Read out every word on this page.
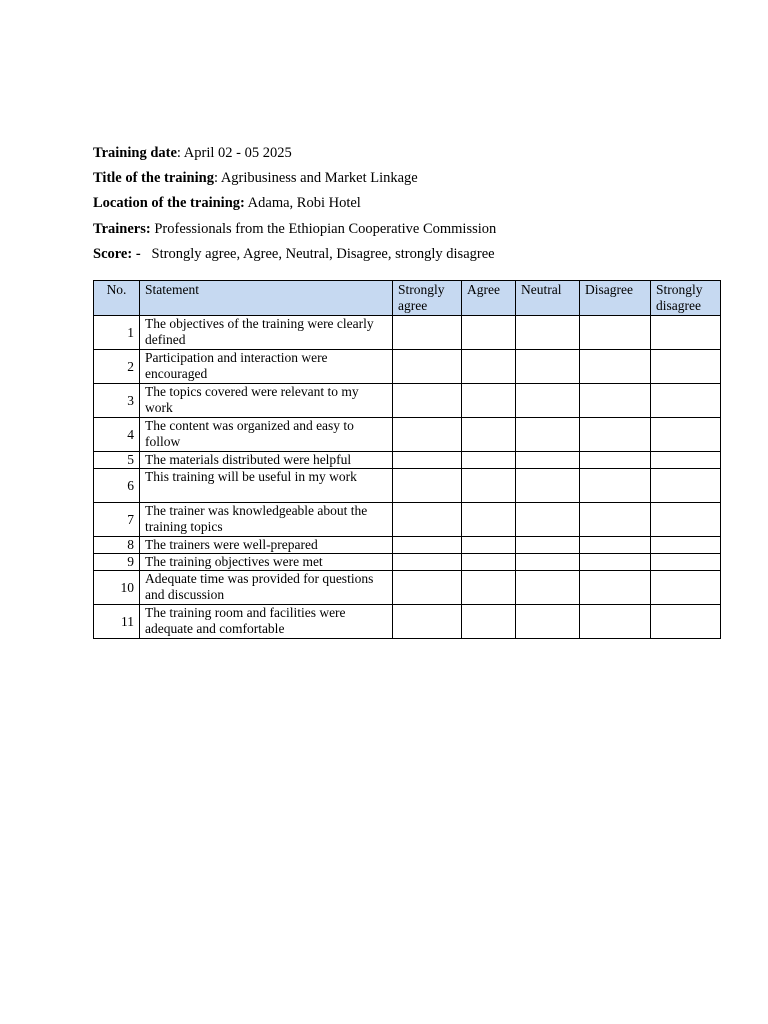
Training date: April 02 - 05 2025
Title of the training: Agribusiness and Market Linkage
Location of the training: Adama, Robi Hotel
Trainers: Professionals from the Ethiopian Cooperative Commission
Score: - Strongly agree, Agree, Neutral, Disagree, strongly disagree
No.	Statement	Strongly agree	Agree	Neutral	Disagree	Strongly disagree
1	The objectives of the training were clearly defined					
2	Participation and interaction were encouraged					
3	The topics covered were relevant to my work					
4	The content was organized and easy to follow					
5	The materials distributed were helpful					
6	This training will be useful in my work					
7	The trainer was knowledgeable about the training topics					
8	The trainers were well-prepared					
9	The training objectives were met					
10	Adequate time was provided for questions and discussion					
11	The training room and facilities were adequate and comfortable					
